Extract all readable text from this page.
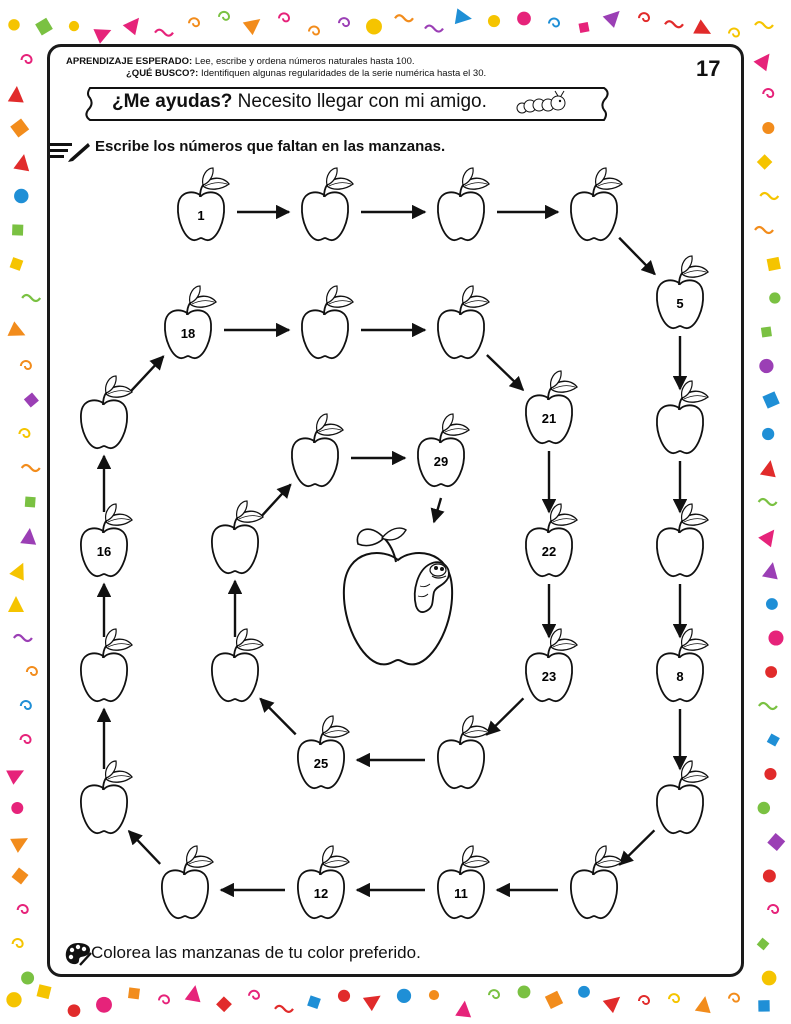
APRENDIZAJE ESPERADO: Lee, escribe y ordena números naturales hasta 100.
¿QUÉ BUSCO?: Identifiquen algunas regularidades de la serie numérica hasta el 30.	17
¿Me ayudas? Necesito llegar con mi amigo.
Escribe los números que faltan en las manzanas.
1
5
8
11
12
16
18
21
22
23
25
29
Colorea las manzanas de tu color preferido.
